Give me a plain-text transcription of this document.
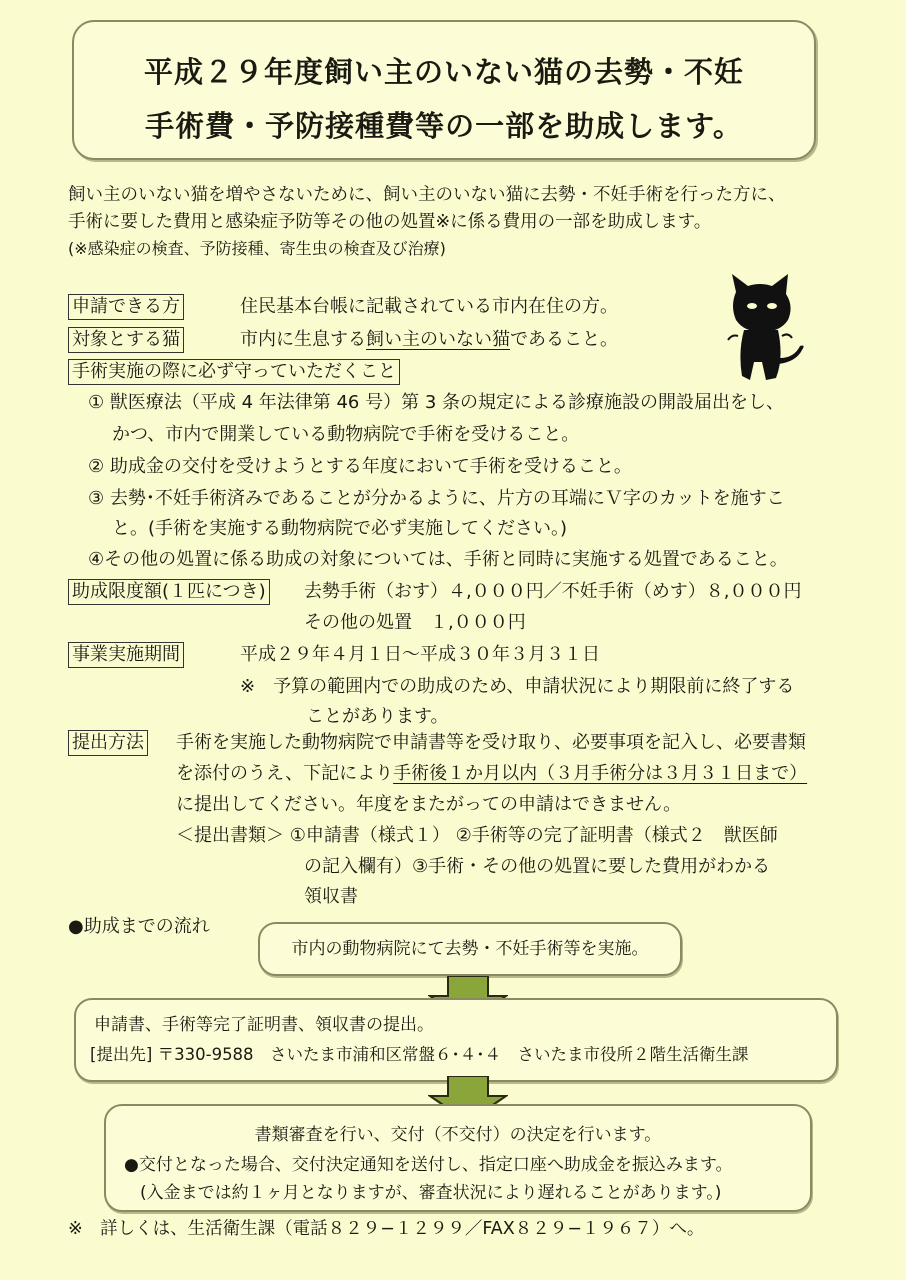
平成２９年度飼い主のいない猫の去勢・不妊
手術費・予防接種費等の一部を助成します。
飼い主のいない猫を増やさないために、飼い主のいない猫に去勢・不妊手術を行った方に、
手術に要した費用と感染症予防等その他の処置※に係る費用の一部を助成します。
(※感染症の検査、予防接種、寄生虫の検査及び治療)
申請できる方	住民基本台帳に記載されている市内在住の方。
対象とする猫	市内に生息する飼い主のいない猫であること。
手術実施の際に必ず守っていただくこと
① 獣医療法（平成 4 年法律第 46 号）第 3 条の規定による診療施設の開設届出をし、
かつ、市内で開業している動物病院で手術を受けること。
② 助成金の交付を受けようとする年度において手術を受けること。
③ 去勢･不妊手術済みであることが分かるように、片方の耳端にＶ字のカットを施すこ
と。(手術を実施する動物病院で必ず実施してください。)
④その他の処置に係る助成の対象については、手術と同時に実施する処置であること。
助成限度額(１匹につき) 去勢手術（おす）４,０００円／不妊手術（めす）８,０００円
その他の処置　１,０００円
事業実施期間	平成２９年４月１日〜平成３０年３月３１日
※　予算の範囲内での助成のため、申請状況により期限前に終了する
ことがあります。
提出方法 手術を実施した動物病院で申請書等を受け取り、必要事項を記入し、必要書類
を添付のうえ、下記により手術後１か月以内（３月手術分は３月３１日まで）
に提出してください。年度をまたがっての申請はできません。
＜提出書類＞ ①申請書（様式１） ②手術等の完了証明書（様式２　獣医師
の記入欄有）③手術・その他の処置に要した費用がわかる
領収書
●助成までの流れ
市内の動物病院にて去勢・不妊手術等を実施。
申請書、手術等完了証明書、領収書の提出。
[提出先] 〒330-9588　さいたま市浦和区常盤６･４･４　さいたま市役所２階生活衛生課
書類審査を行い、交付（不交付）の決定を行います。
●交付となった場合、交付決定通知を送付し、指定口座へ助成金を振込みます。
(入金までは約１ヶ月となりますが、審査状況により遅れることがあります。)
※　詳しくは、生活衛生課（電話８２９−１２９９／FAX８２９−１９６７）へ。
